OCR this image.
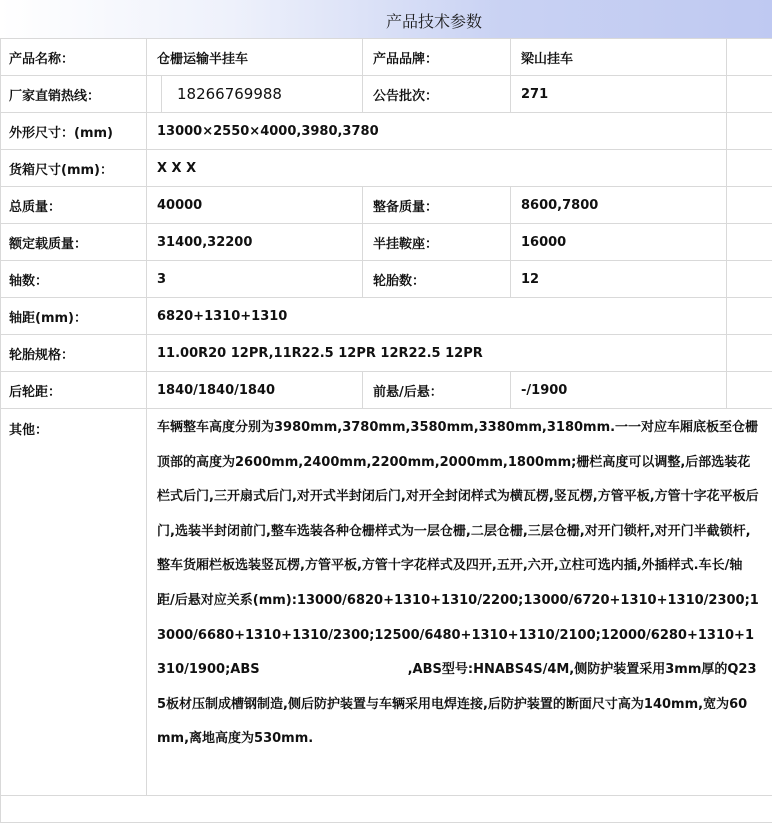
产品技术参数
产品名称：	仓栅运输半挂车	产品品牌：	梁山挂车	
厂家直销热线：	18266769988	公告批次：	271	
外形尺寸：(mm)	13000×2550×4000,3980,3780			
货箱尺寸(mm)：	X X X			
总质量：	40000	整备质量：	8600,7800	
额定载质量：	31400,32200	半挂鞍座：	16000	
轴数：	3	轮胎数：	12	
轴距(mm)：	6820+1310+1310			
轮胎规格：	11.00R20 12PR,11R22.5 12PR 12R22.5 12PR			
后轮距：	1840/1840/1840	前悬/后悬：	-/1900	
其他：	车辆整车高度分别为3980mm,3780mm,3580mm,3380mm,3180mm.一一对应车厢底板至仓栅顶部的高度为2600mm,2400mm,2200mm,2000mm,1800mm;栅栏高度可以调整,后部选装花栏式后门,三开扇式后门,对开式半封闭后门,对开全封闭样式为横瓦楞,竖瓦楞,方管平板,方管十字花平板后门,选装半封闭前门,整车选装各种仓栅样式为一层仓栅,二层仓栅,三层仓栅,对开门锁杆,对开门半截锁杆,整车货厢栏板选装竖瓦楞,方管平板,方管十字花样式及四开,五开,六开,立柱可选内插,外插样式.车长/轴距/后悬对应关系(mm):13000/6820+1310+1310/2200;13000/6720+1310+1310/2300;13000/6680+1310+1310/2300;12500/6480+1310+1310/2100;12000/6280+1310+1310/1900;ABS ,ABS型号:HNABS4S/4M,侧防护装置采用3mm厚的Q235板材压制成槽钢制造,侧后防护装置与车辆采用电焊连接,后防护装置的断面尺寸高为140mm,宽为60mm,离地高度为530mm.			
